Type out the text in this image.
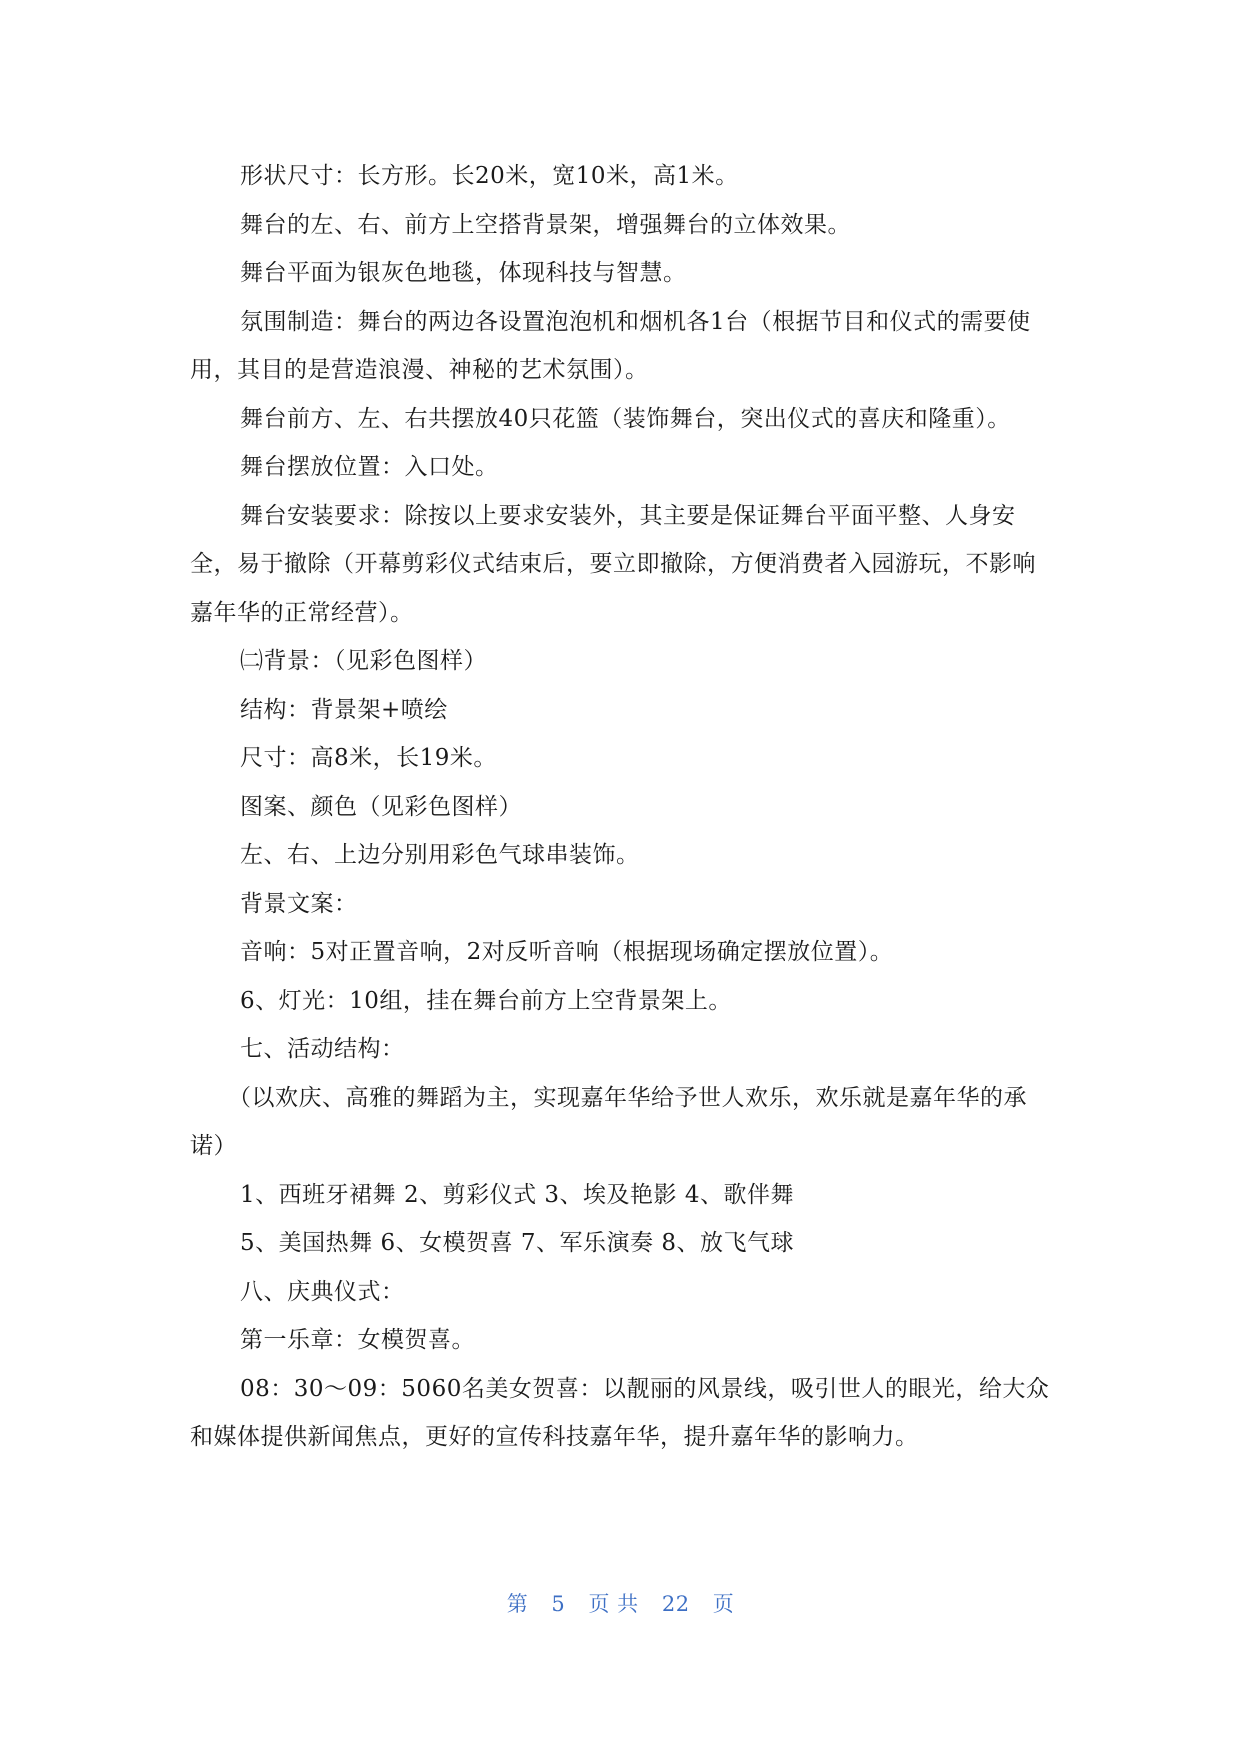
形状尺寸：长方形。长20米，宽10米，高1米。

舞台的左、右、前方上空搭背景架，增强舞台的立体效果。

舞台平面为银灰色地毯，体现科技与智慧。

氛围制造：舞台的两边各设置泡泡机和烟机各1台（根据节目和仪式的需要使用，其目的是营造浪漫、神秘的艺术氛围）。

舞台前方、左、右共摆放40只花篮（装饰舞台，突出仪式的喜庆和隆重）。

舞台摆放位置：入口处。

舞台安装要求：除按以上要求安装外，其主要是保证舞台平面平整、人身安全，易于撤除（开幕剪彩仪式结束后，要立即撤除，方便消费者入园游玩，不影响嘉年华的正常经营）。

㈡背景：（见彩色图样）

结构：背景架+喷绘

尺寸：高8米，长19米。

图案、颜色（见彩色图样）

左、右、上边分别用彩色气球串装饰。

背景文案：

音响：5对正置音响，2对反听音响（根据现场确定摆放位置）。

6、灯光：10组，挂在舞台前方上空背景架上。

七、活动结构：

（以欢庆、高雅的舞蹈为主，实现嘉年华给予世人欢乐，欢乐就是嘉年华的承诺）

1、西班牙裙舞 2、剪彩仪式 3、埃及艳影 4、歌伴舞

5、美国热舞 6、女模贺喜 7、军乐演奏 8、放飞气球

八、庆典仪式：

第一乐章：女模贺喜。

08：30～09：5060名美女贺喜：以靓丽的风景线，吸引世人的眼光，给大众和媒体提供新闻焦点，更好的宣传科技嘉年华，提升嘉年华的影响力。

第 5 页 共 22 页
